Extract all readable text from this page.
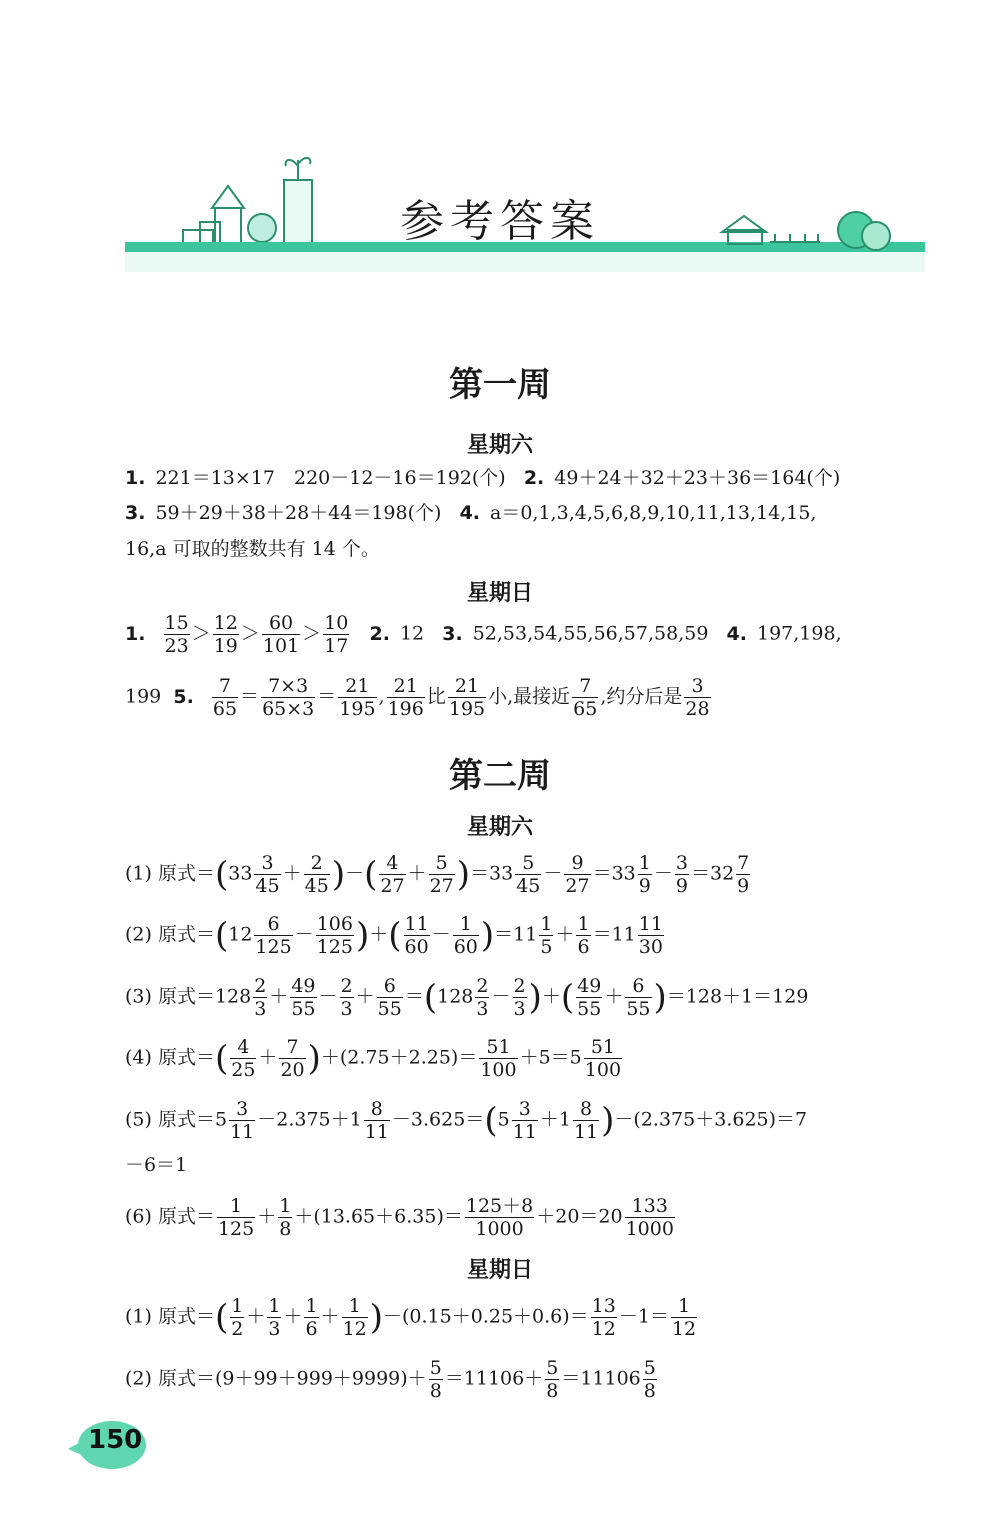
参考答案
第一周
星期六
1. 221＝13×17　220－12－16＝192(个) 2. 49＋24＋32＋23＋36＝164(个)
3. 59＋29＋38＋28＋44＝198(个) 4. a＝0,1,3,4,5,6,8,9,10,11,13,14,15,
16,a 可取的整数共有 14 个。
星期日
1. $\frac{15}{23} > \frac{12}{19} > \frac{60}{101} > \frac{10}{17} 2$. 12 3. 52,53,54,55,56,57,58,59 4. 197,198,
199 5. $\frac{7}{65} = \frac{7\times 3}{65\times 3} = \frac{21}{195}$ , $\frac{21}{196}$ 比 $\frac{21}{195}$ 小,最接近 $\frac{7}{65}$ ,约分后是 $\frac{3}{28}$
第二周
星期六
(1) 原式$=(33 \frac{3}{45} + \frac{2}{45}$ )－( $\frac{4}{27} + \frac{5}{27} )=33 \frac{5}{45} - \frac{9}{27} =33 \frac{1}{9} - \frac{3}{9} =32 \frac{7}{9}$
(2) 原式$=(12 \frac{6}{125} - \frac{106}{125}$ )＋( $\frac{11}{60} - \frac{1}{60} )=11 \frac{1}{5} + \frac{1}{6} =11 \frac{11}{30}$
(3) 原式$=128 \frac{2}{3} + \frac{49}{55} - \frac{2}{3} + \frac{6}{55} =(128 \frac{2}{3} - \frac{2}{3}$ )＋( $\frac{49}{55} + \frac{6}{55} )=128+1=129$
(4) 原式＝( $\frac{4}{25} + \frac{7}{20} )+(2.75+2.25)= \frac{51}{100} +5=5 \frac{51}{100}$
(5) 原式$=5 \frac{3}{11} -2.375+1 \frac{8}{11} -3.625=(5 \frac{3}{11} +1 \frac{8}{11} )-(2.375+3.625)=7$
－6＝1
(6) 原式＝ $\frac{1}{125} + \frac{1}{8} +(13.65+6.35)= \frac{125+8}{1000} +20=20 \frac{133}{1000}$
星期日
(1) 原式＝( $\frac{1}{2} + \frac{1}{3} + \frac{1}{6} + \frac{1}{12} )-(0.15+0.25+0.6)= \frac{13}{12} -1= \frac{1}{12}$
(2) 原式$=(9+99+999+9999)+ \frac{5}{8} =11106+ \frac{5}{8} =11106 \frac{5}{8}$
150
